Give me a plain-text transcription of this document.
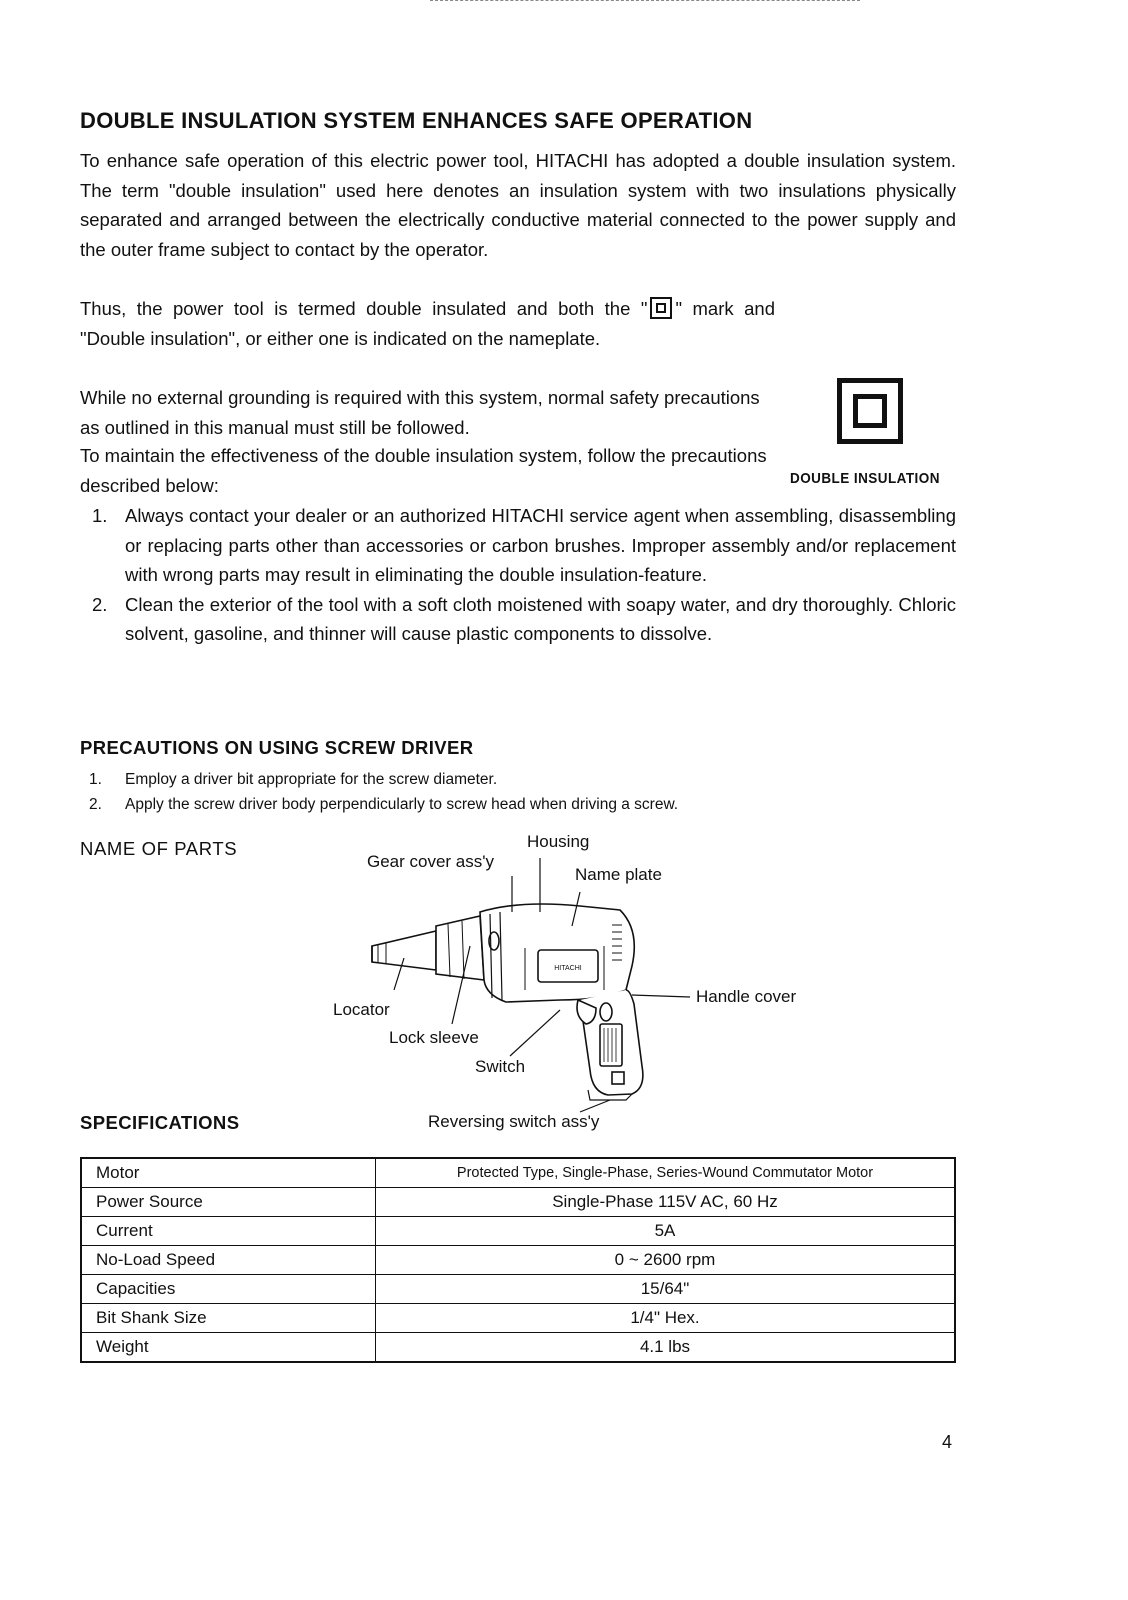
DOUBLE INSULATION SYSTEM ENHANCES SAFE OPERATION
To enhance safe operation of this electric power tool, HITACHI has adopted a double insulation system. The term "double insulation" used here denotes an insulation system with two insulations physically separated and arranged between the electrically conductive material connected to the power supply and the outer frame subject to contact by the operator.
Thus, the power tool is termed double insulated and both the " " mark and "Double insulation", or either one is indicated on the nameplate.
While no external grounding is required with this system, normal safety precautions as outlined in this manual must still be followed.
To maintain the effectiveness of the double insulation system, follow the precautions described below:	DOUBLE INSULATION
1. Always contact your dealer or an authorized HITACHI service agent when assembling, disassembling or replacing parts other than accessories or carbon brushes. Improper assembly and/or replacement with wrong parts may result in eliminating the double insulation-feature.
2. Clean the exterior of the tool with a soft cloth moistened with soapy water, and dry thoroughly. Chloric solvent, gasoline, and thinner will cause plastic components to dissolve.
PRECAUTIONS ON USING SCREW DRIVER
1.	Employ a driver bit appropriate for the screw diameter.
2.	Apply the screw driver body perpendicularly to screw head when driving a screw.
NAME OF PARTS
HITACHI
Housing
Gear cover ass'y
Name plate
Handle cover
Locator
Lock sleeve
Switch
Reversing switch ass'y
SPECIFICATIONS
Motor	Protected Type, Single-Phase, Series-Wound Commutator Motor
Power Source	Single-Phase 115V AC, 60 Hz
Current	5A
No-Load Speed	0 ~ 2600 rpm
Capacities	15/64"
Bit Shank Size	1/4" Hex.
Weight	4.1 lbs
4
